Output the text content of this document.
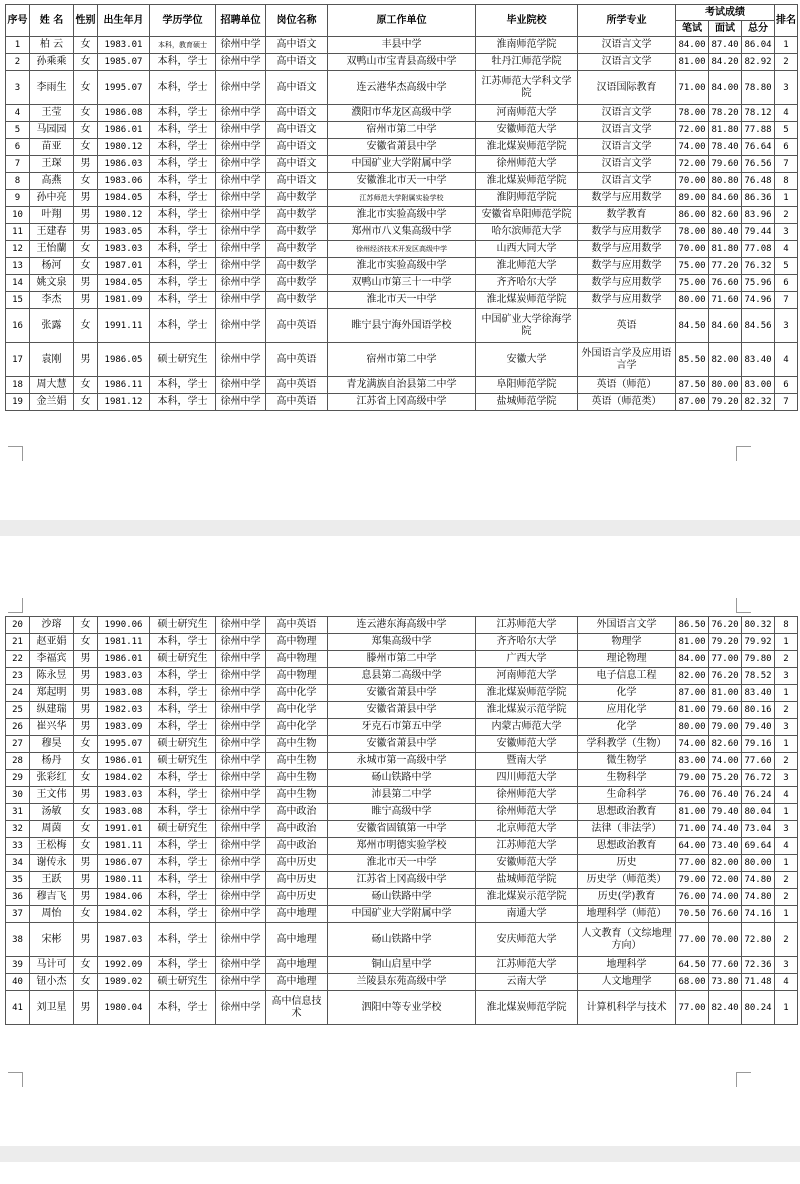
序号	姓 名	性别	出生年月	学历学位	招聘单位	岗位名称	原工作单位	毕业院校	所学专业	考试成绩			排名
										笔试	面试	总分	
1	柏 云	女	1983.01	本科，教育硕士	徐州中学	高中语文	丰县中学	淮南师范学院	汉语言文学	84.00	87.40	86.04	1
2	孙乘乘	女	1985.07	本科，学士	徐州中学	高中语文	双鸭山市宝青县高级中学	牡丹江师范学院	汉语言文学	81.00	84.20	82.92	2
3	李雨生	女	1995.07	本科，学士	徐州中学	高中语文	连云港华杰高级中学	江苏师范大学科文学院	汉语国际教育	71.00	84.00	78.80	3
4	王莹	女	1986.08	本科，学士	徐州中学	高中语文	濮阳市华龙区高级中学	河南师范大学	汉语言文学	78.00	78.20	78.12	4
5	马园园	女	1986.01	本科，学士	徐州中学	高中语文	宿州市第二中学	安徽师范大学	汉语言文学	72.00	81.80	77.88	5
6	苗亚	女	1980.12	本科，学士	徐州中学	高中语文	安徽省萧县中学	淮北煤炭师范学院	汉语言文学	74.00	78.40	76.64	6
7	王琛	男	1986.03	本科，学士	徐州中学	高中语文	中国矿业大学附属中学	徐州师范大学	汉语言文学	72.00	79.60	76.56	7
8	高燕	女	1983.06	本科，学士	徐州中学	高中语文	安徽淮北市天一中学	淮北煤炭师范学院	汉语言文学	70.00	80.80	76.48	8
9	孙中亮	男	1984.05	本科，学士	徐州中学	高中数学	江苏师范大学附属实验学校	淮阴师范学院	数学与应用数学	89.00	84.60	86.36	1
10	叶翔	男	1980.12	本科，学士	徐州中学	高中数学	淮北市实验高级中学	安徽省阜阳师范学院	数学教育	86.00	82.60	83.96	2
11	王建春	男	1983.05	本科，学士	徐州中学	高中数学	郑州市八义集高级中学	哈尔滨师范大学	数学与应用数学	78.00	80.40	79.44	3
12	王怡蘭	女	1983.03	本科，学士	徐州中学	高中数学	徐州经济技术开发区高级中学	山西大同大学	数学与应用数学	70.00	81.80	77.08	4
13	杨河	女	1987.01	本科，学士	徐州中学	高中数学	淮北市实验高级中学	淮北师范大学	数学与应用数学	75.00	77.20	76.32	5
14	姚文泉	男	1984.05	本科，学士	徐州中学	高中数学	双鸭山市第三十一中学	齐齐哈尔大学	数学与应用数学	75.00	76.60	75.96	6
15	李杰	男	1981.09	本科，学士	徐州中学	高中数学	淮北市天一中学	淮北煤炭师范学院	数学与应用数学	80.00	71.60	74.96	7
16	张露	女	1991.11	本科，学士	徐州中学	高中英语	睢宁县宁海外国语学校	中国矿业大学徐海学院	英语	84.50	84.60	84.56	3
17	袁刚	男	1986.05	硕士研究生	徐州中学	高中英语	宿州市第二中学	安徽大学	外国语言学及应用语言学	85.50	82.00	83.40	4
18	周大慧	女	1986.11	本科，学士	徐州中学	高中英语	青龙满族自治县第二中学	阜阳师范学院	英语（师范）	87.50	80.00	83.00	6
19	金兰娟	女	1981.12	本科，学士	徐州中学	高中英语	江苏省上冈高级中学	盐城师范学院	英语（师范类）	87.00	79.20	82.32	7
20	沙瑢	女	1990.06	硕士研究生	徐州中学	高中英语	连云港东海高级中学	江苏师范大学	外国语言文学	86.50	76.20	80.32	8
21	赵亚娟	女	1981.11	本科，学士	徐州中学	高中物理	郑集高级中学	齐齐哈尔大学	物理学	81.00	79.20	79.92	1
22	李福宾	男	1986.01	硕士研究生	徐州中学	高中物理	滕州市第二中学	广西大学	理论物理	84.00	77.00	79.80	2
23	陈永昱	男	1983.03	本科，学士	徐州中学	高中物理	息县第二高级中学	河南师范大学	电子信息工程	82.00	76.20	78.52	3
24	郑起明	男	1983.08	本科，学士	徐州中学	高中化学	安徽省萧县中学	淮北煤炭师范学院	化学	87.00	81.00	83.40	1
25	纵建瑞	男	1982.03	本科，学士	徐州中学	高中化学	安徽省萧县中学	淮北煤炭示范学院	应用化学	81.00	79.60	80.16	2
26	崔兴华	男	1983.09	本科，学士	徐州中学	高中化学	牙克石市第五中学	内蒙古师范大学	化学	80.00	79.00	79.40	3
27	穆昊	女	1995.07	硕士研究生	徐州中学	高中生物	安徽省萧县中学	安徽师范大学	学科教学（生物）	74.00	82.60	79.16	1
28	杨丹	女	1986.01	硕士研究生	徐州中学	高中生物	永城市第一高级中学	暨南大学	微生物学	83.00	74.00	77.60	2
29	张彩红	女	1984.02	本科，学士	徐州中学	高中生物	砀山铁路中学	四川师范大学	生物科学	79.00	75.20	76.72	3
30	王文伟	男	1983.03	本科，学士	徐州中学	高中生物	沛县第二中学	徐州师范大学	生命科学	76.00	76.40	76.24	4
31	汤敏	女	1983.08	本科，学士	徐州中学	高中政治	睢宁高级中学	徐州师范大学	思想政治教育	81.00	79.40	80.04	1
32	周茵	女	1991.01	硕士研究生	徐州中学	高中政治	安徽省固镇第一中学	北京师范大学	法律（非法学）	71.00	74.40	73.04	3
33	王松梅	女	1981.11	本科，学士	徐州中学	高中政治	郑州市明德实验学校	江苏师范大学	思想政治教育	64.00	73.40	69.64	4
34	谢传永	男	1986.07	本科，学士	徐州中学	高中历史	淮北市天一中学	安徽师范大学	历史	77.00	82.00	80.00	1
35	王跃	男	1980.11	本科，学士	徐州中学	高中历史	江苏省上冈高级中学	盐城师范学院	历史学（师范类）	79.00	72.00	74.80	2
36	穆吉飞	男	1984.06	本科，学士	徐州中学	高中历史	砀山铁路中学	淮北煤炭示范学院	历史(学)教育	76.00	74.00	74.80	2
37	周怡	女	1984.02	本科，学士	徐州中学	高中地理	中国矿业大学附属中学	南通大学	地理科学（师范）	70.50	76.60	74.16	1
38	宋彬	男	1987.03	本科，学士	徐州中学	高中地理	砀山铁路中学	安庆师范大学	人文教育（文综地理方向）	77.00	70.00	72.80	2
39	马计可	女	1992.09	本科，学士	徐州中学	高中地理	铜山启星中学	江苏师范大学	地理科学	64.50	77.60	72.36	3
40	钮小杰	女	1989.02	硕士研究生	徐州中学	高中地理	兰陵县东苑高级中学	云南大学	人文地理学	68.00	73.80	71.48	4
41	刘卫星	男	1980.04	本科，学士	徐州中学	高中信息技术	泗阳中等专业学校	淮北煤炭师范学院	计算机科学与技术	77.00	82.40	80.24	1
